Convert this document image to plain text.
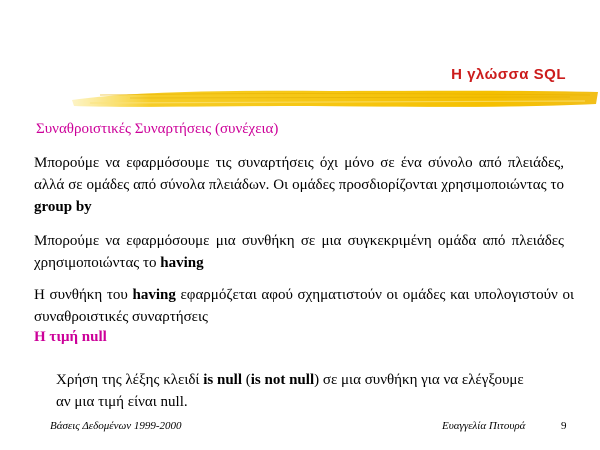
Η γλώσσα SQL
Συναθροιστικές Συναρτήσεις (συνέχεια)
Μπορούμε να εφαρμόσουμε τις συναρτήσεις όχι μόνο σε ένα σύνολο από πλειάδες, αλλά σε ομάδες από σύνολα πλειάδων. Οι ομάδες προσδιορίζονται χρησιμοποιώντας το group by
Μπορούμε να εφαρμόσουμε μια συνθήκη σε μια συγκεκριμένη ομάδα από πλειάδες χρησιμοποιώντας το having
Η συνθήκη του having εφαρμόζεται αφού σχηματιστούν οι ομάδες και υπολογιστούν οι συναθροιστικές συναρτήσεις
Η τιμή null
Χρήση της λέξης κλειδί is null (is not null) σε μια συνθήκη για να ελέγξουμε αν μια τιμή είναι null.
Βάσεις Δεδομένων 1999-2000	Ευαγγελία Πιτουρά	9
